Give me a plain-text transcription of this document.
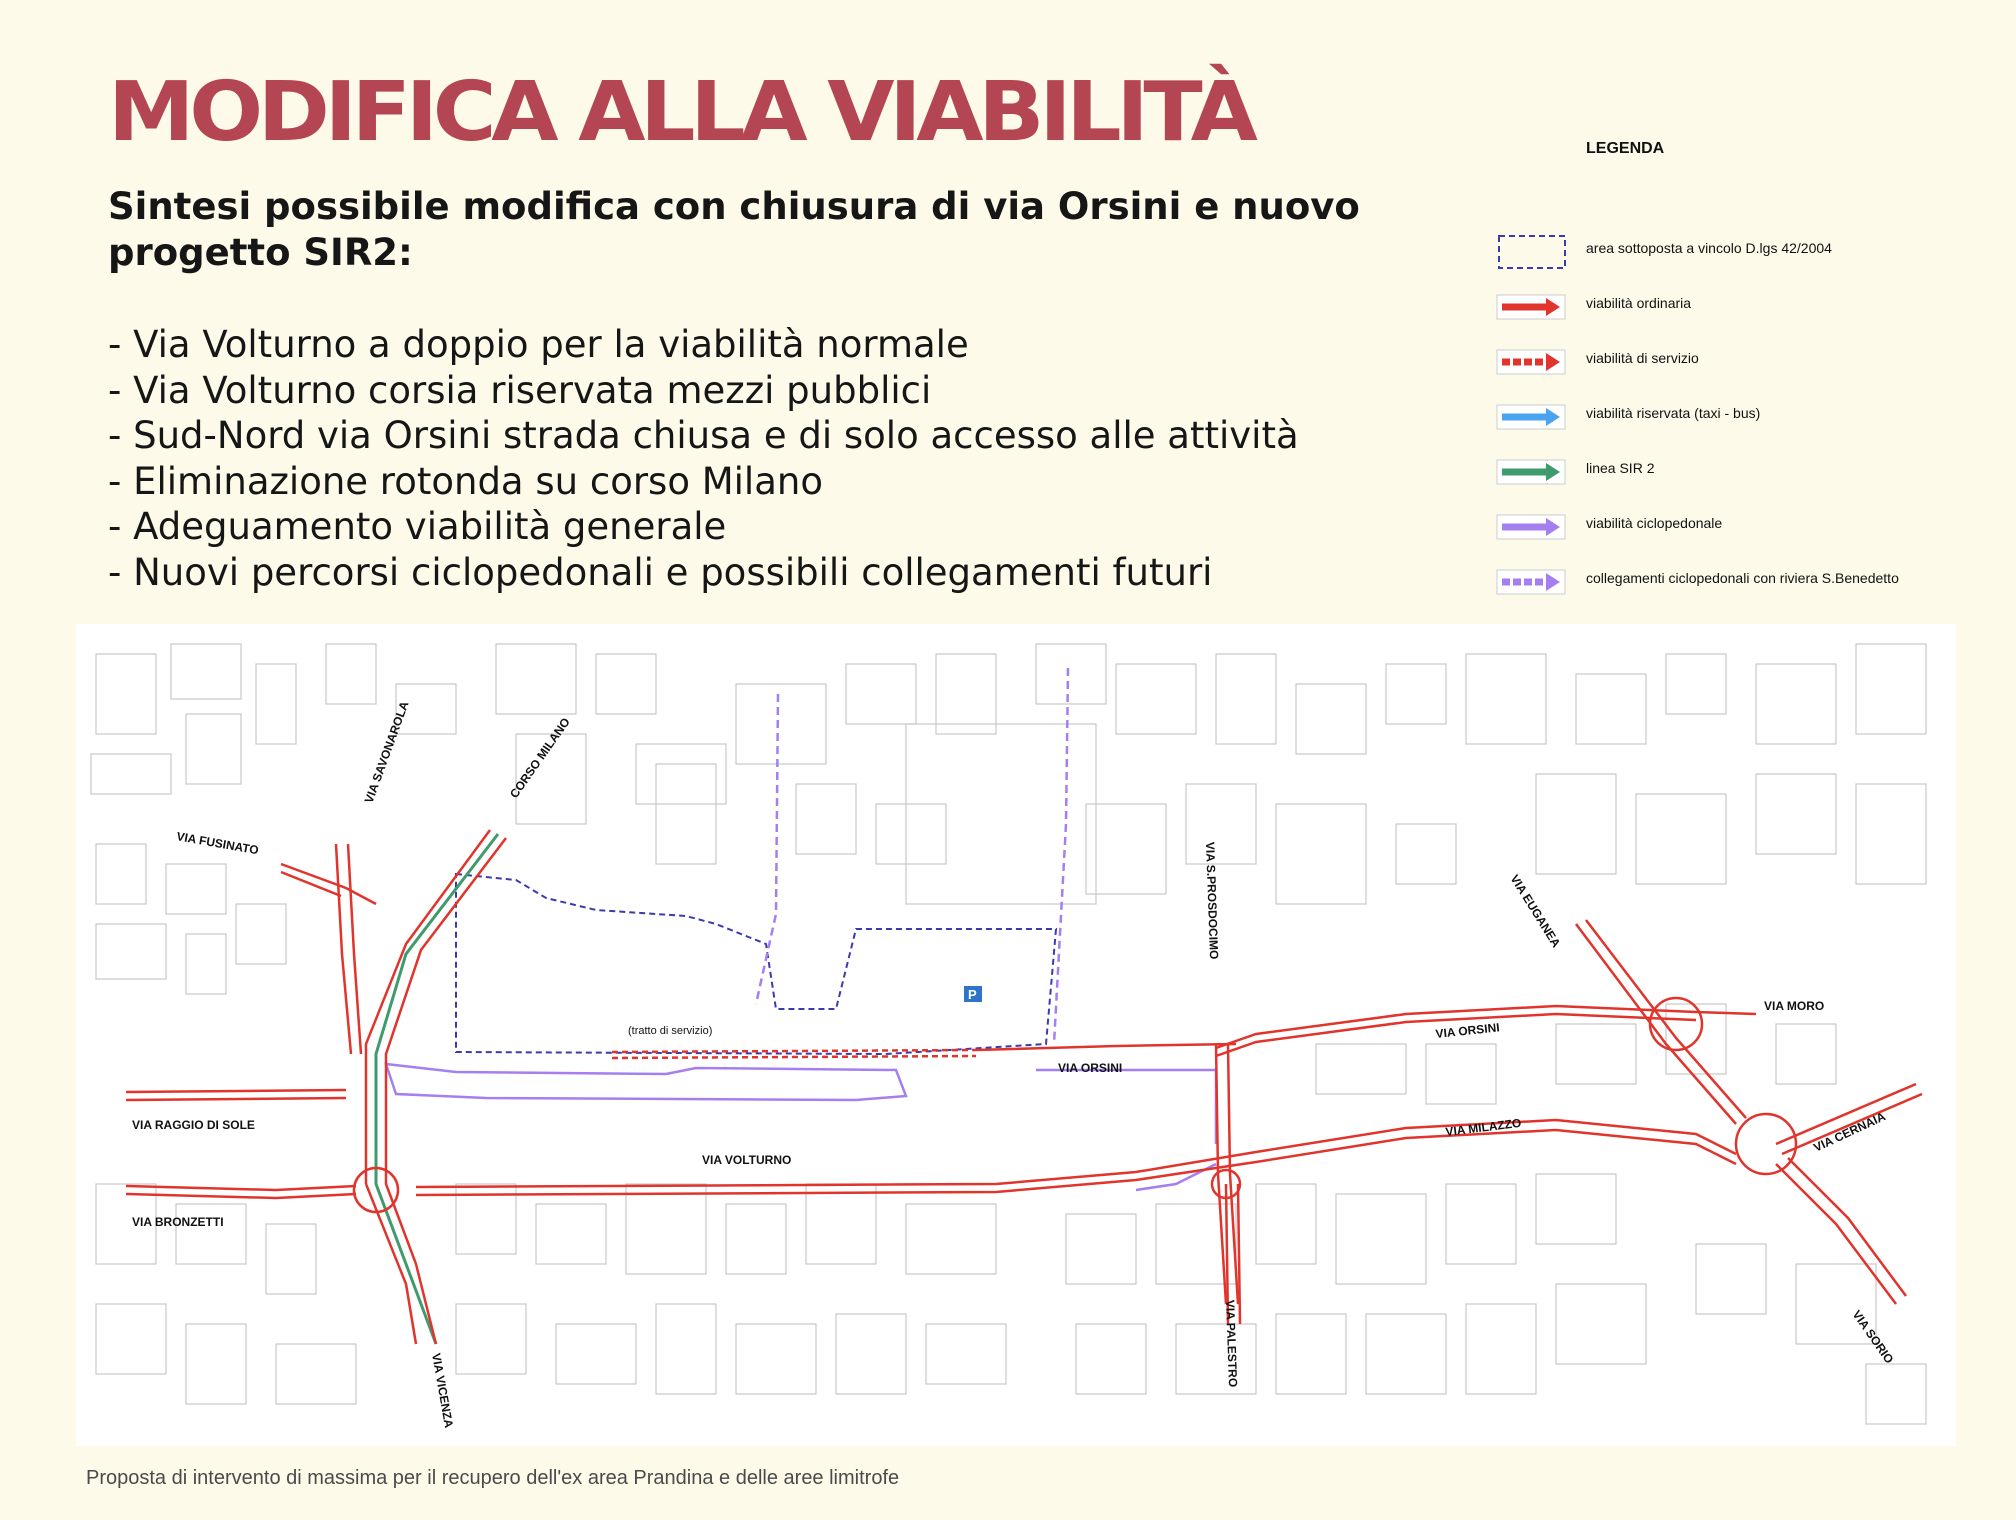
MODIFICA ALLA VIABILITÀ
Sintesi possibile modifica con chiusura di via Orsini e nuovo progetto SIR2:
- Via Volturno a doppio per la viabilità normale
- Via Volturno corsia riservata mezzi pubblici
- Sud-Nord via Orsini strada chiusa e di solo accesso alle attività
- Eliminazione rotonda su corso Milano
- Adeguamento viabilità generale
- Nuovi percorsi ciclopedonali e possibili collegamenti futuri
LEGENDA
area sottoposta a vincolo D.lgs 42/2004
viabilità ordinaria
viabilità di servizio
viabilità riservata (taxi - bus)
linea SIR 2
viabilità ciclopedonale
collegamenti ciclopedonali con riviera S.Benedetto
P
VIA SAVONAROLA	CORSO MILANO
VIA FUSINATO
VIA RAGGIO DI SOLE
VIA BRONZETTI
VIA VICENZA
VIA VOLTURNO
VIA ORSINI
VIA ORSINI
VIA S.PROSDOCIMO
VIA PALESTRO
VIA MILAZZO
VIA EUGANEA
VIA MORO
VIA CERNAIA
VIA SORIO
(tratto di servizio)
Proposta di intervento di massima per il recupero dell'ex area Prandina e delle aree limitrofe
